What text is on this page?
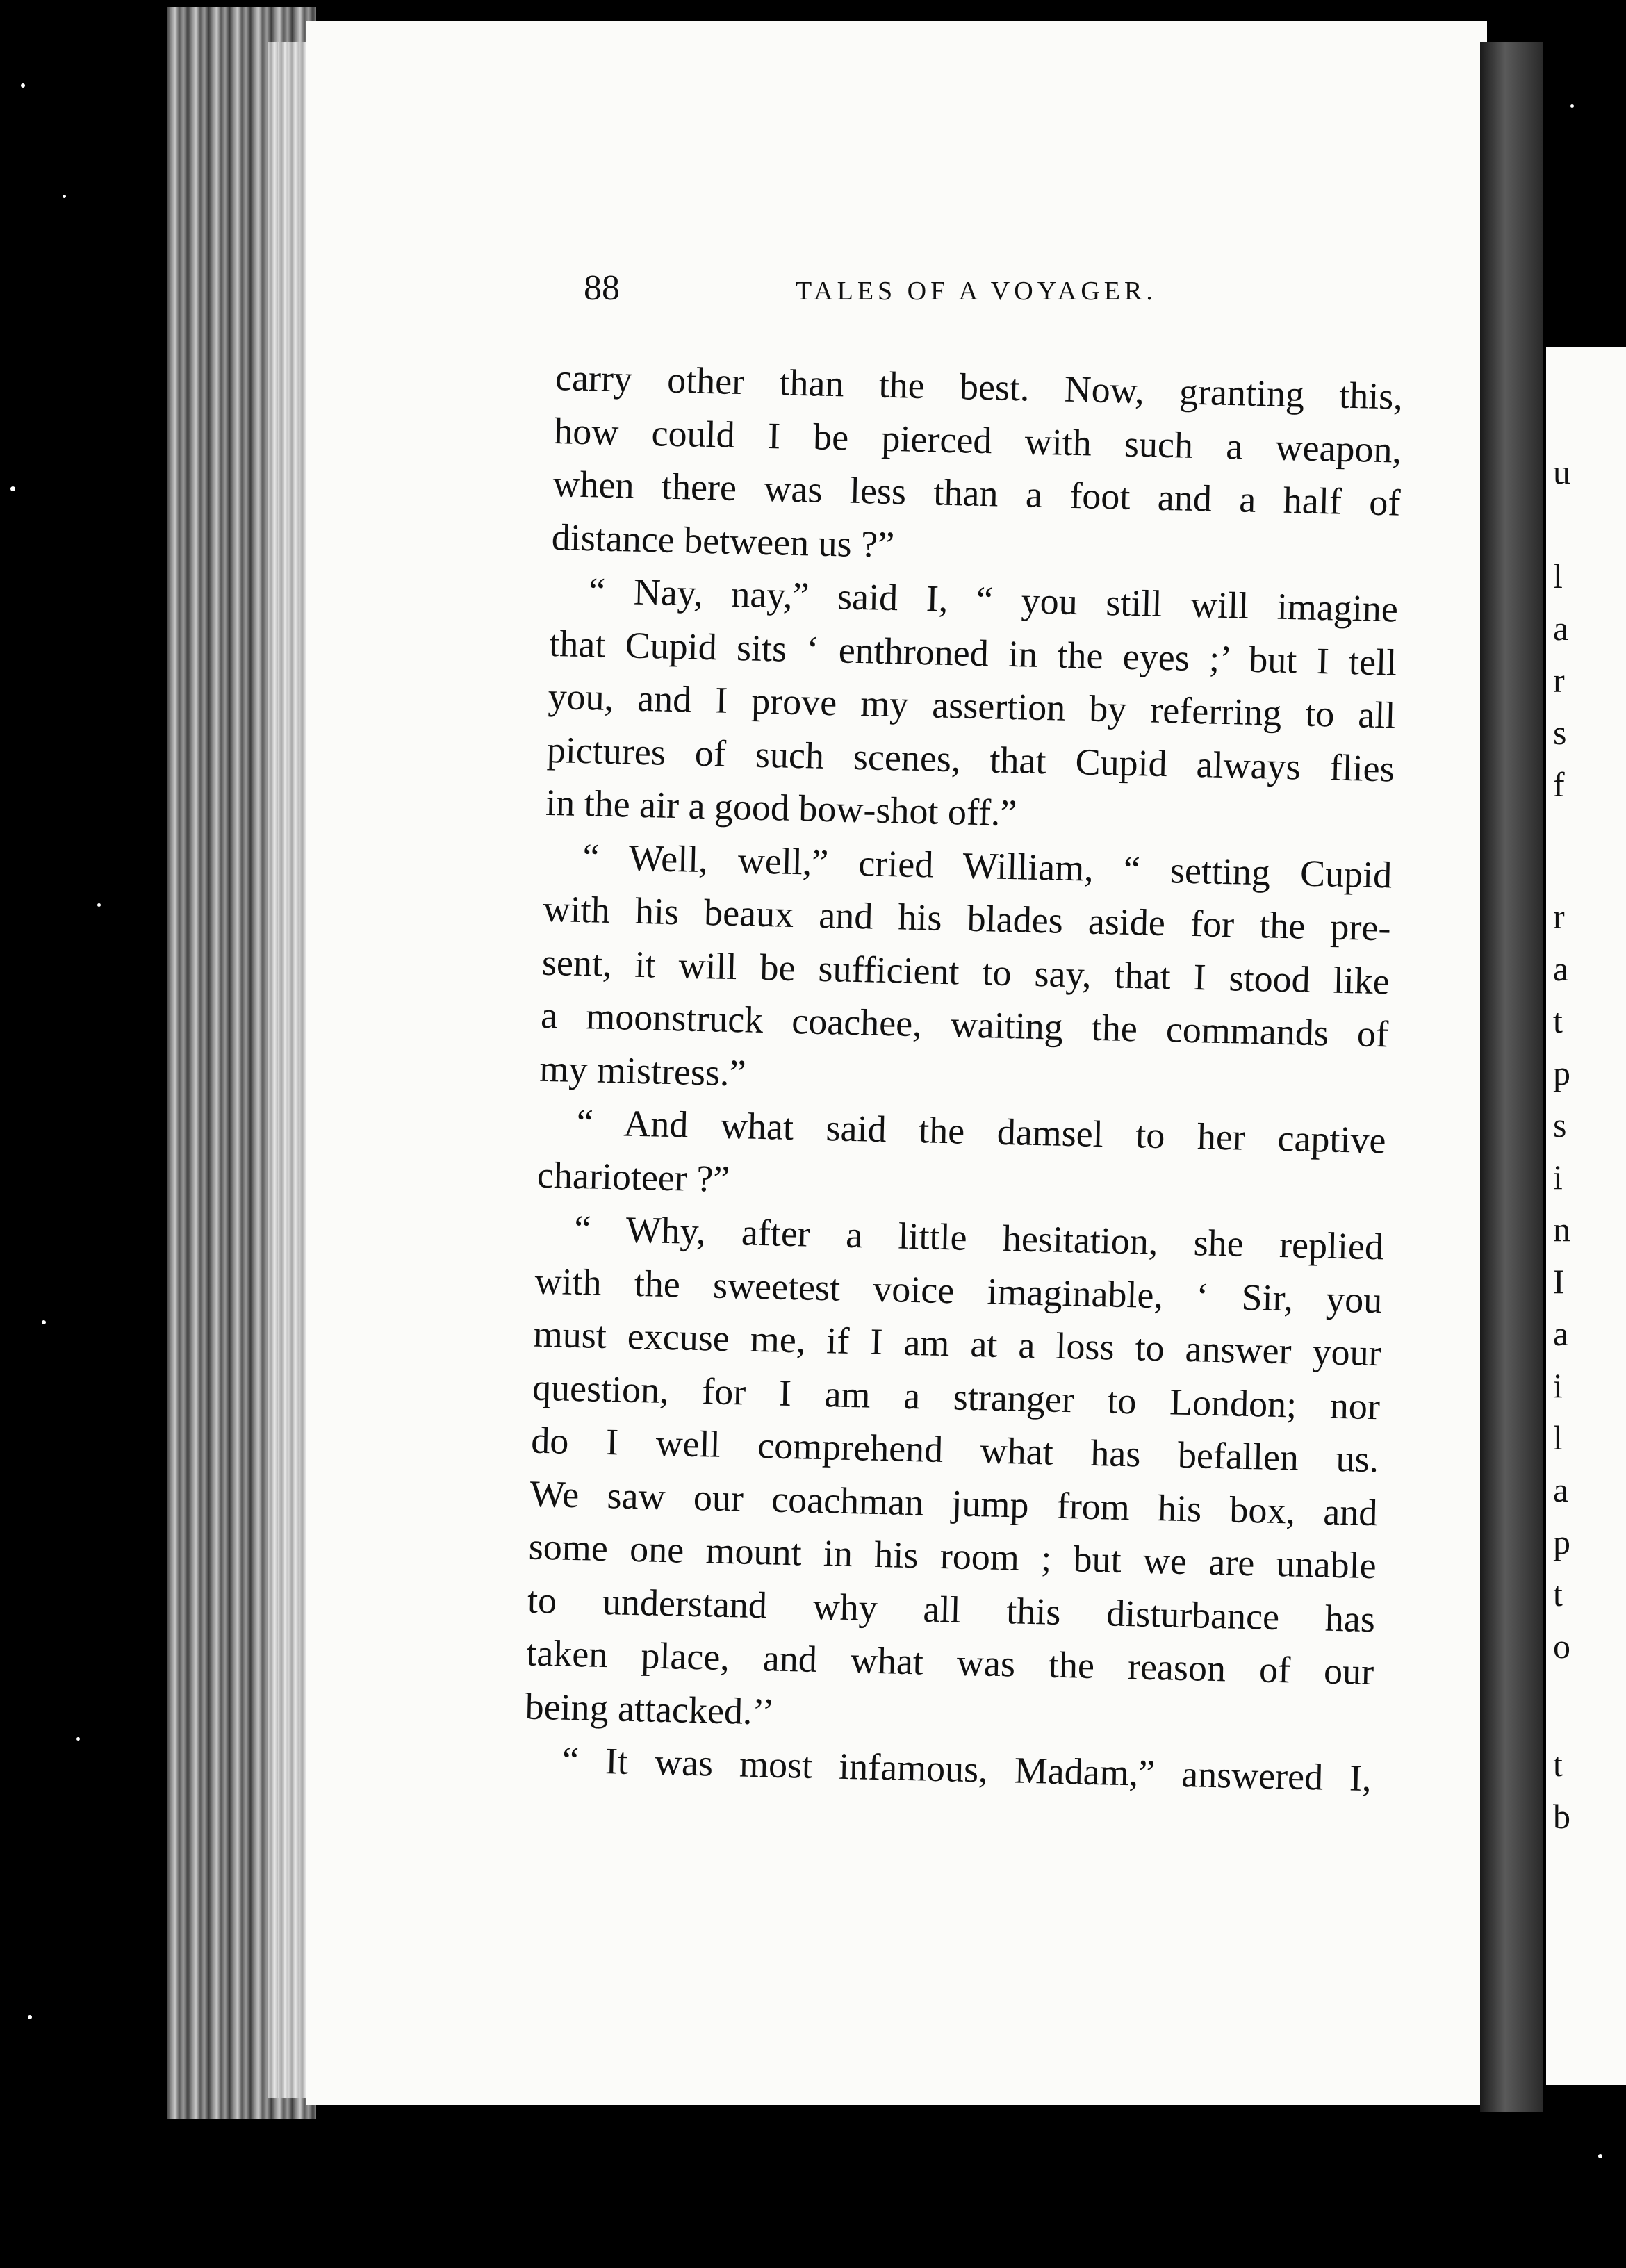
88	TALES OF A VOYAGER.
carry other than the best. Now, granting this,
how could I be pierced with such a weapon,
when there was less than a foot and a half of
distance between us ?”
“ Nay, nay,” said I, “ you still will imagine
that Cupid sits ‘ enthroned in the eyes ;’ but I tell
you, and I prove my assertion by referring to all
pictures of such scenes, that Cupid always flies
in the air a good bow-shot off.”
“ Well, well,” cried William, “ setting Cupid
with his beaux and his blades aside for the pre-
sent, it will be sufficient to say, that I stood like
a moonstruck coachee, waiting the commands of
my mistress.”
“ And what said the damsel to her captive
charioteer ?”
“ Why, after a little hesitation, she replied
with the sweetest voice imaginable, ‘ Sir, you
must excuse me, if I am at a loss to answer your
question, for I am a stranger to London; nor
do I well comprehend what has befallen us.
We saw our coachman jump from his box, and
some one mount in his room ; but we are unable
to understand why all this disturbance has
taken place, and what was the reason of our
being attacked.’’
“ It was most infamous, Madam,” answered I,
u
l
a
r
s
f
r
a
t
p
s
i
n
I
a
i
l
a
p
t
o
t
b
